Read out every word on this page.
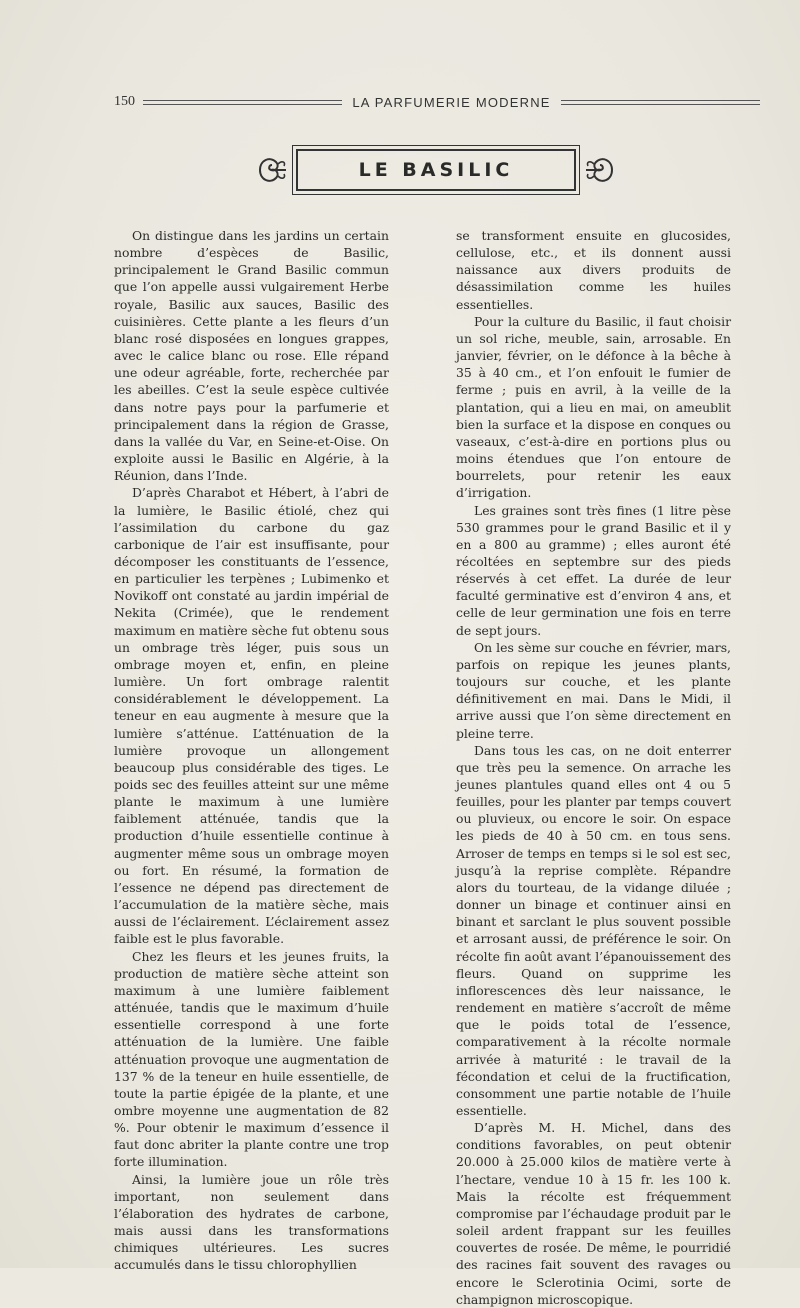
150	LA PARFUMERIE MODERNE
LE BASILIC

On distingue dans les jardins un certain nombre d’espèces de Basilic, principalement le Grand Basilic commun que l’on appelle aussi vulgairement Herbe royale, Basilic aux sauces, Basilic des cuisinières. Cette plante a les fleurs d’un blanc rosé disposées en longues grappes, avec le calice blanc ou rose. Elle répand une odeur agréable, forte, recherchée par les abeilles. C’est la seule espèce cultivée dans notre pays pour la parfumerie et principalement dans la région de Grasse, dans la vallée du Var, en Seine-et-Oise. On exploite aussi le Basilic en Algérie, à la Réunion, dans l’Inde.

D’après Charabot et Hébert, à l’abri de la lumière, le Basilic étiolé, chez qui l’assimilation du carbone du gaz carbonique de l’air est insuffisante, pour décomposer les constituants de l’essence, en particulier les terpènes ; Lubimenko et Novikoff ont constaté au jardin impérial de Nekita (Crimée), que le rendement maximum en matière sèche fut obtenu sous un ombrage très léger, puis sous un ombrage moyen et, enfin, en pleine lumière. Un fort ombrage ralentit considérablement le développement. La teneur en eau augmente à mesure que la lumière s’atténue. L’atténuation de la lumière provoque un allongement beaucoup plus considérable des tiges. Le poids sec des feuilles atteint sur une même plante le maximum à une lumière faiblement atténuée, tandis que la production d’huile essentielle continue à augmenter même sous un ombrage moyen ou fort. En résumé, la formation de l’essence ne dépend pas directement de l’accumulation de la matière sèche, mais aussi de l’éclairement. L’éclairement assez faible est le plus favorable.

Chez les fleurs et les jeunes fruits, la production de matière sèche atteint son maximum à une lumière faiblement atténuée, tandis que le maximum d’huile essentielle correspond à une forte atténuation de la lumière. Une faible atténuation provoque une augmentation de 137 % de la teneur en huile essentielle, de toute la partie épigée de la plante, et une ombre moyenne une augmentation de 82 %. Pour obtenir le maximum d’essence il faut donc abriter la plante contre une trop forte illumination.

Ainsi, la lumière joue un rôle très important, non seulement dans l’élaboration des hydrates de carbone, mais aussi dans les transformations chimiques ultérieures. Les sucres accumulés dans le tissu chlorophyllien

se transforment ensuite en glucosides, cellulose, etc., et ils donnent aussi naissance aux divers produits de désassimilation comme les huiles essentielles.

Pour la culture du Basilic, il faut choisir un sol riche, meuble, sain, arrosable. En janvier, février, on le défonce à la bêche à 35 à 40 cm., et l’on enfouit le fumier de ferme ; puis en avril, à la veille de la plantation, qui a lieu en mai, on ameublit bien la surface et la dispose en conques ou vaseaux, c’est-à-dire en portions plus ou moins étendues que l’on entoure de bourrelets, pour retenir les eaux d’irrigation.

Les graines sont très fines (1 litre pèse 530 grammes pour le grand Basilic et il y en a 800 au gramme) ; elles auront été récoltées en septembre sur des pieds réservés à cet effet. La durée de leur faculté germinative est d’environ 4 ans, et celle de leur germination une fois en terre de sept jours.

On les sème sur couche en février, mars, parfois on repique les jeunes plants, toujours sur couche, et les plante définitivement en mai. Dans le Midi, il arrive aussi que l’on sème directement en pleine terre.

Dans tous les cas, on ne doit enterrer que très peu la semence. On arrache les jeunes plantules quand elles ont 4 ou 5 feuilles, pour les planter par temps couvert ou pluvieux, ou encore le soir. On espace les pieds de 40 à 50 cm. en tous sens. Arroser de temps en temps si le sol est sec, jusqu’à la reprise complète. Répandre alors du tourteau, de la vidange diluée ; donner un binage et continuer ainsi en binant et sarclant le plus souvent possible et arrosant aussi, de préférence le soir. On récolte fin août avant l’épanouissement des fleurs. Quand on supprime les inflorescences dès leur naissance, le rendement en matière s’accroît de même que le poids total de l’essence, comparativement à la récolte normale arrivée à maturité : le travail de la fécondation et celui de la fructification, consomment une partie notable de l’huile essentielle.

D’après M. H. Michel, dans des conditions favorables, on peut obtenir 20.000 à 25.000 kilos de matière verte à l’hectare, vendue 10 à 15 fr. les 100 k. Mais la récolte est fréquemment compromise par l’échaudage produit par le soleil ardent frappant sur les feuilles couvertes de rosée. De même, le pourridié des racines fait souvent des ravages ou encore le Sclerotinia Ocimi, sorte de champignon microscopique.
